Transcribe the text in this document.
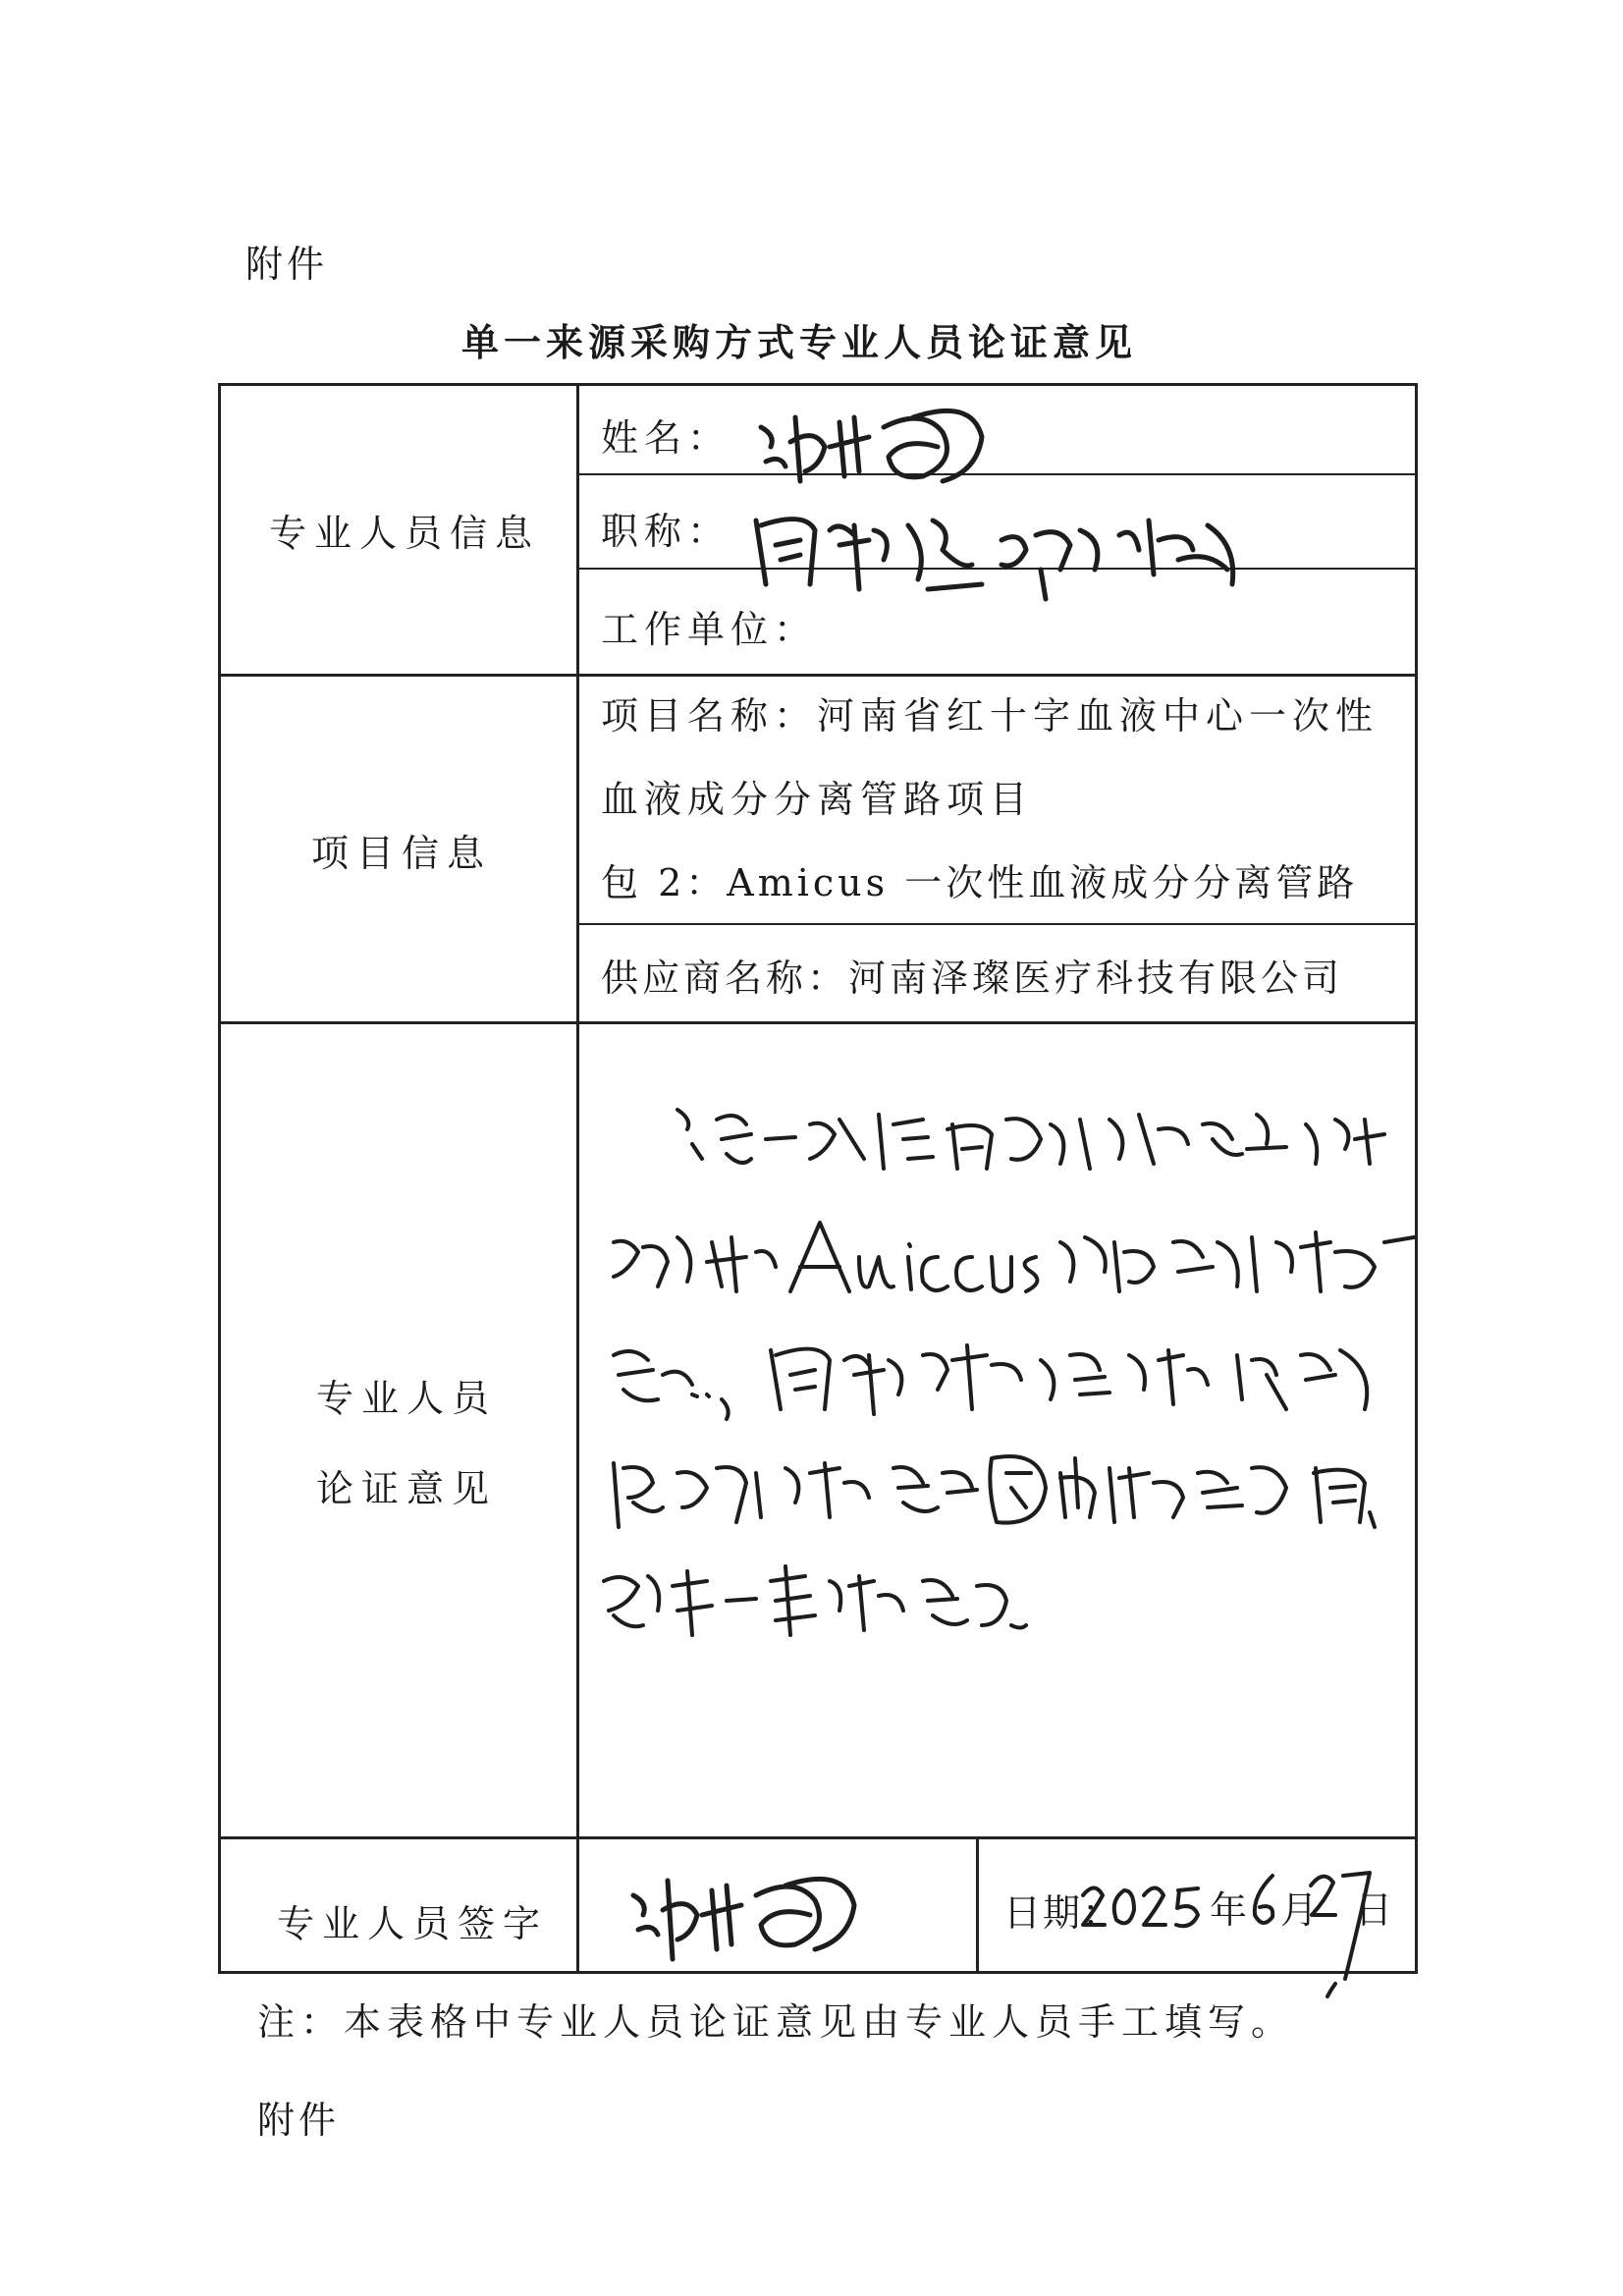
附件
单一来源采购方式专业人员论证意见
专业人员信息
项目信息
专业人员
论证意见
专业人员签字
姓名：
职称：
工作单位：
项目名称：河南省红十字血液中心一次性
血液成分分离管路项目
包 2：Amicus 一次性血液成分分离管路
供应商名称：河南泽璨医疗科技有限公司
日期： 年 月 日
注：本表格中专业人员论证意见由专业人员手工填写。
附件
